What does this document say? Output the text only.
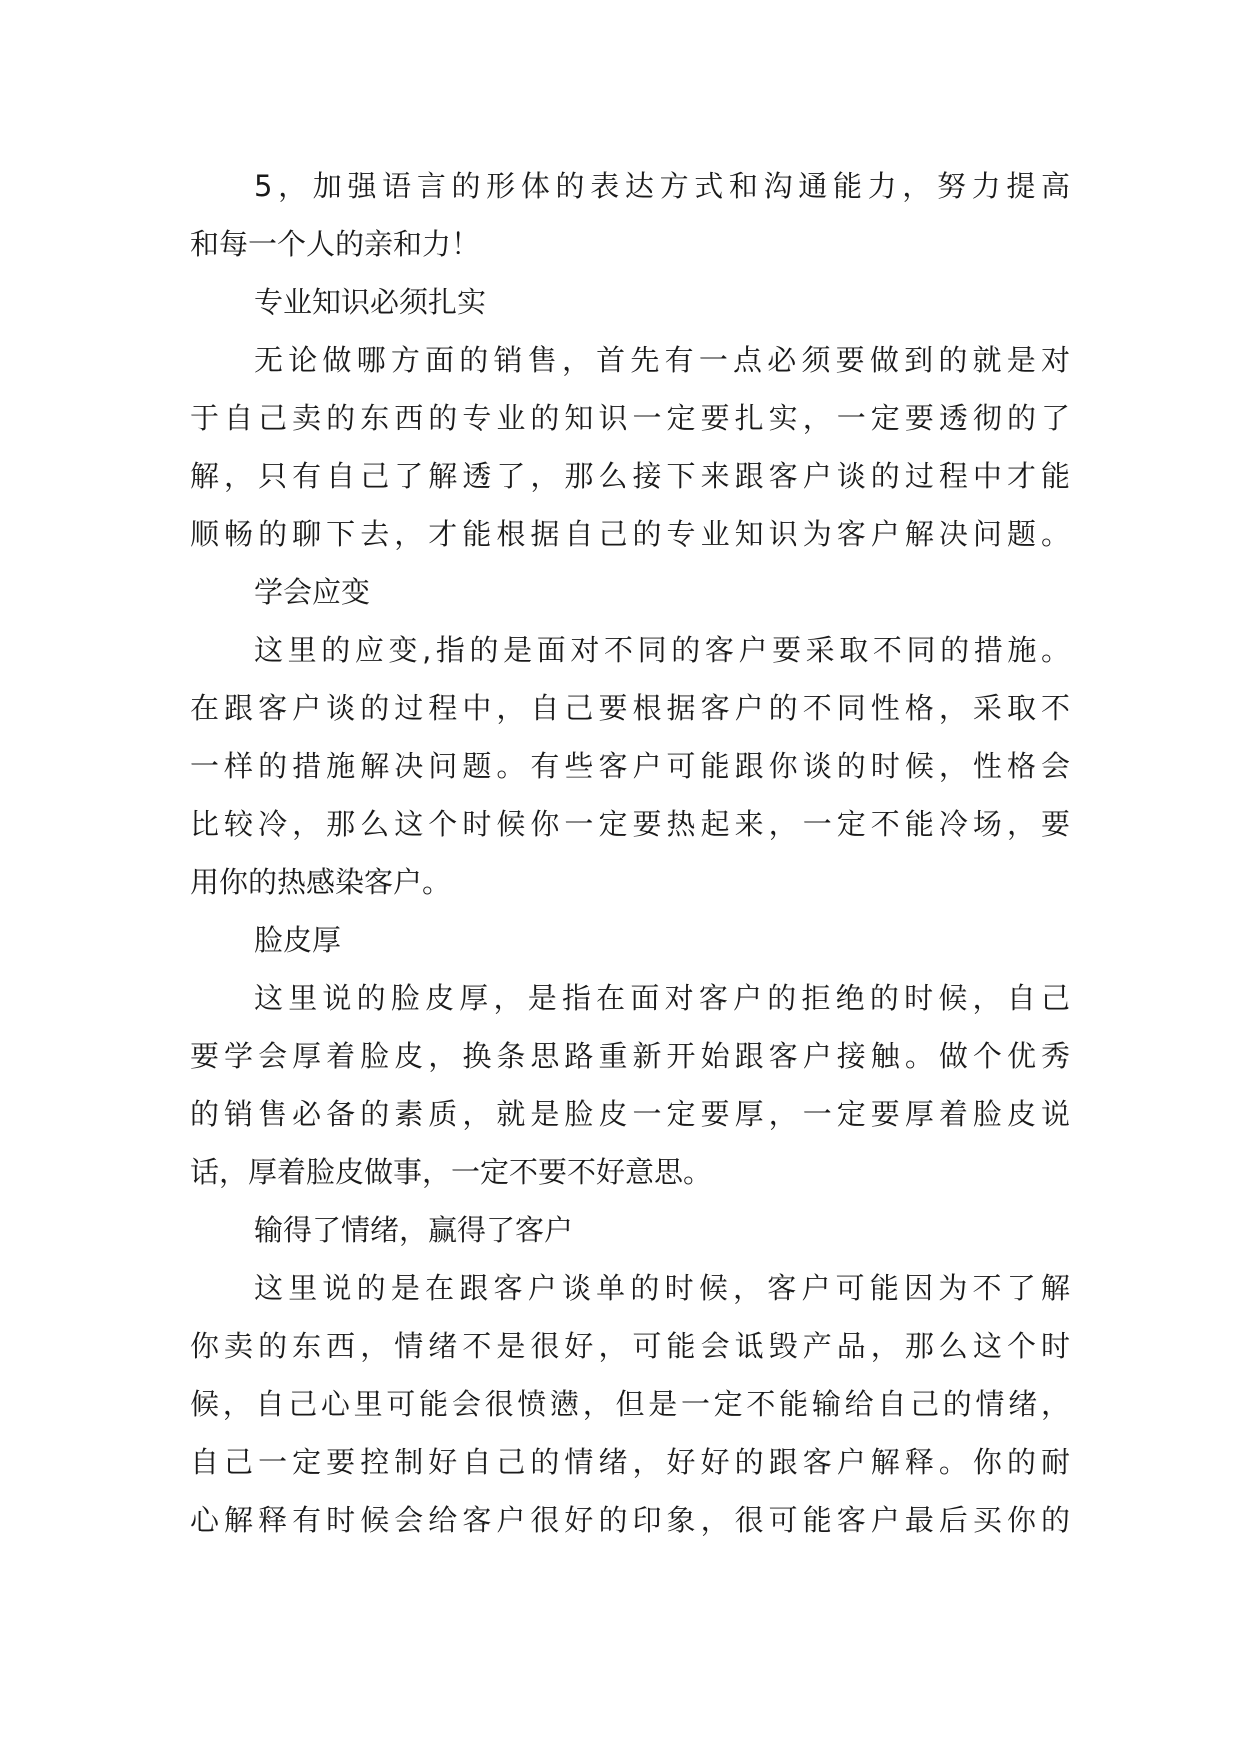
5，加强语言的形体的表达方式和沟通能力，努力提高
和每一个人的亲和力！
专业知识必须扎实
无论做哪方面的销售，首先有一点必须要做到的就是对
于自己卖的东西的专业的知识一定要扎实，一定要透彻的了
解，只有自己了解透了，那么接下来跟客户谈的过程中才能
顺畅的聊下去，才能根据自己的专业知识为客户解决问题。
学会应变
这里的应变,指的是面对不同的客户要采取不同的措施。
在跟客户谈的过程中，自己要根据客户的不同性格，采取不
一样的措施解决问题。有些客户可能跟你谈的时候，性格会
比较冷，那么这个时候你一定要热起来，一定不能冷场，要
用你的热感染客户。
脸皮厚
这里说的脸皮厚，是指在面对客户的拒绝的时候，自己
要学会厚着脸皮，换条思路重新开始跟客户接触。做个优秀
的销售必备的素质，就是脸皮一定要厚，一定要厚着脸皮说
话，厚着脸皮做事，一定不要不好意思。
输得了情绪，赢得了客户
这里说的是在跟客户谈单的时候，客户可能因为不了解
你卖的东西，情绪不是很好，可能会诋毁产品，那么这个时
候，自己心里可能会很愤懑，但是一定不能输给自己的情绪，
自己一定要控制好自己的情绪，好好的跟客户解释。你的耐
心解释有时候会给客户很好的印象，很可能客户最后买你的
